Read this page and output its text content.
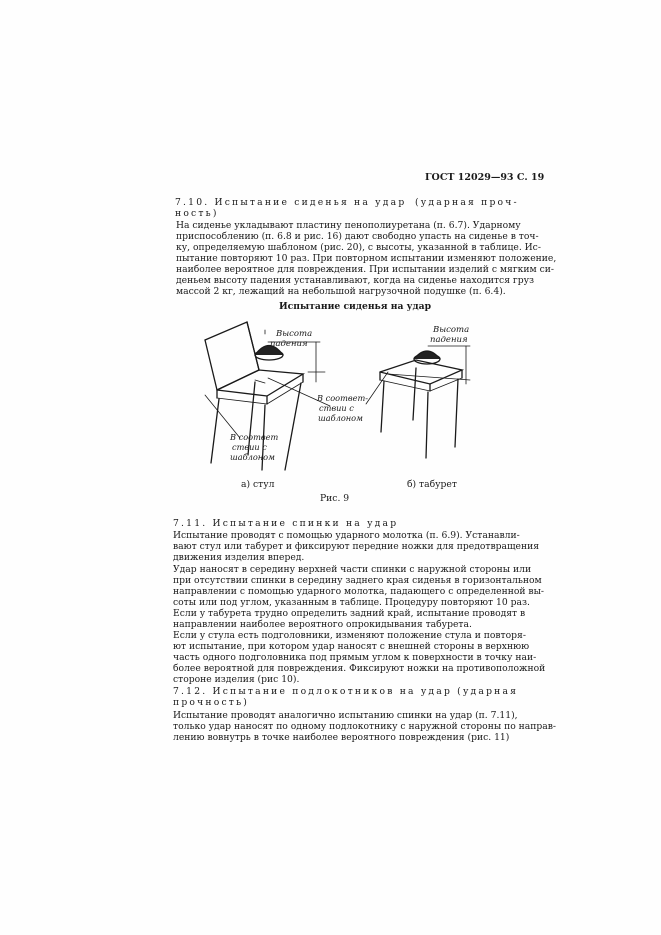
ГОСТ 12029—93 С. 19
7.10. Испытание сиденья на удар (ударная проч-
ность)
На сиденье укладывают пластину пенополиуретана (п. 6.7). Ударному
приспособлению (п. 6.8 и рис. 16) дают свободно упасть на сиденье в точ-
ку, определяемую шаблоном (рис. 20), с высоты, указанной в таблице. Ис-
пытание повторяют 10 раз. При повторном испытании изменяют положение,
наиболее вероятное для повреждения. При испытании изделий с мягким си-
деньем высоту падения устанавливают, когда на сиденье находится груз
массой 2 кг, лежащий на небольшой нагрузочной подушке (п. 6.4).
Испытание сиденья на удар
Высота
падения
В соответ-
ствии с
шаблоном
В соответ
ствии с
шаблоном
Высота
падения
а) стул	б) табурет
Рис. 9
7.11. Испытание спинки на удар
Испытание проводят с помощью ударного молотка (п. 6.9). Устанавли-
вают стул или табурет и фиксируют передние ножки для предотвращения
движения изделия вперед.
Удар наносят в середину верхней части спинки с наружной стороны или
при отсутствии спинки в середину заднего края сиденья в горизонтальном
направлении с помощью ударного молотка, падающего с определенной вы-
соты или под углом, указанным в таблице. Процедуру повторяют 10 раз.
Если у табурета трудно определить задний край, испытание проводят в
направлении наиболее вероятного опрокидывания табурета.
Если у стула есть подголовники, изменяют положение стула и повторя-
ют испытание, при котором удар наносят с внешней стороны в верхнюю
часть одного подголовника под прямым углом к поверхности в точку наи-
более вероятной для повреждения. Фиксируют ножки на противоположной
стороне изделия (рис 10).
7.12. Испытание подлокотников на удар (ударная
прочность)
Испытание проводят аналогично испытанию спинки на удар (п. 7.11),
только удар наносят по одному подлокотнику с наружной стороны по направ-
лению вовнутрь в точке наиболее вероятного повреждения (рис. 11)
